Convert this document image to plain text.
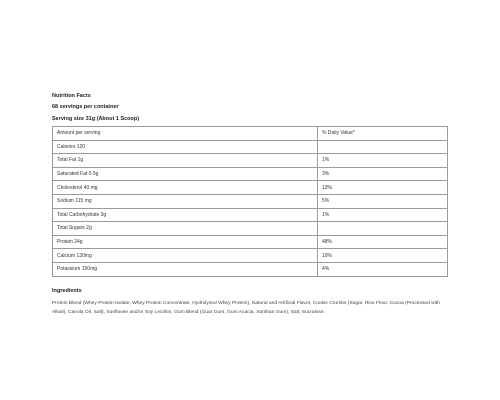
Nutrition Facts
68 servings per container
Serving size 31g (About 1 Scoop)
Amount per serving	% Daily Value*
Calories 120	
Total Fat 1g	1%
Saturated Fat 0.5g	3%
Cholesterol 40 mg	13%
Sodium 115 mg	5%
Total Carbohydrate 3g	1%
Total Sugars 2g	
Protein 24g	48%
Calcium 130mg	10%
Potassium 150mg	4%
Ingredients
Protein Blend (Whey Protein Isolate, Whey Protein Concentrate, Hydrolyzed Whey Protein), Natural and Artificial Flavor, Cookie Crumbs (Sugar, Rice Flour, Cocoa (Processed with Alkali), Canola Oil, Salt), Sunflower and/or Soy Lecithin, Gum Blend (Guar Gum, Gum Acacia, Xanthan Gum), Salt, Sucralose.
